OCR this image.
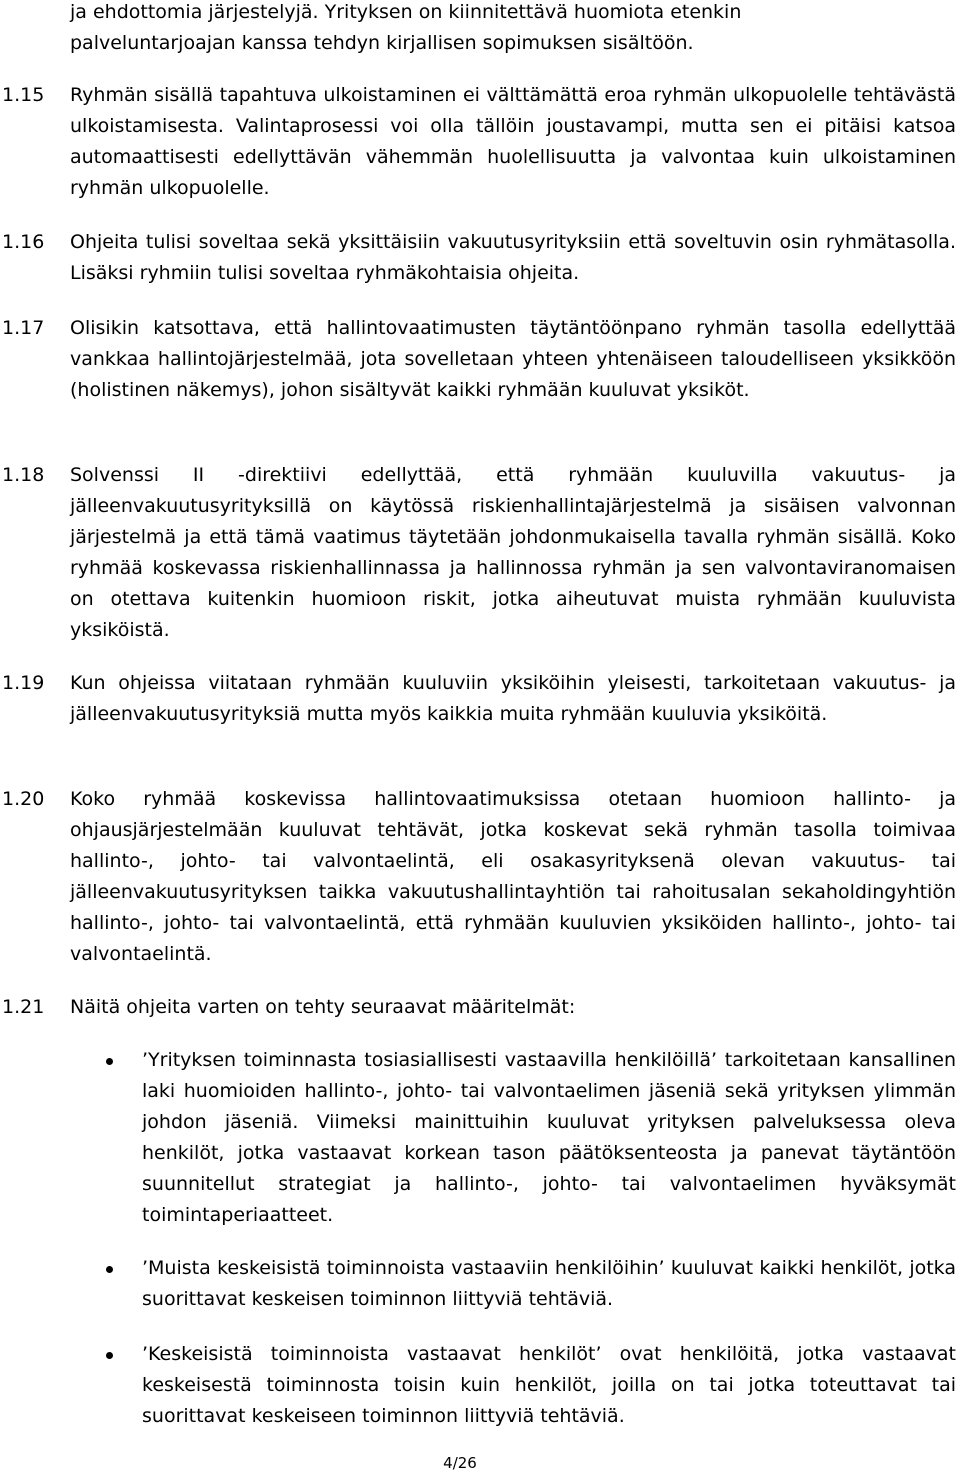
ja ehdottomia järjestelyjä. Yrityksen on kiinnitettävä huomiota etenkin

palveluntarjoajan kanssa tehdyn kirjallisen sopimuksen sisältöön.

1.15 Ryhmän sisällä tapahtuva ulkoistaminen ei välttämättä eroa ryhmän ulkopuolelle tehtävästä ulkoistamisesta. Valintaprosessi voi olla tällöin joustavampi, mutta sen ei pitäisi katsoa automaattisesti edellyttävän vähemmän huolellisuutta ja valvontaa kuin ulkoistaminen ryhmän ulkopuolelle.

1.16 Ohjeita tulisi soveltaa sekä yksittäisiin vakuutusyrityksiin että soveltuvin osin ryhmätasolla. Lisäksi ryhmiin tulisi soveltaa ryhmäkohtaisia ohjeita.

1.17 Olisikin katsottava, että hallintovaatimusten täytäntöönpano ryhmän tasolla edellyttää vankkaa hallintojärjestelmää, jota sovelletaan yhteen yhtenäiseen taloudelliseen yksikköön (holistinen näkemys), johon sisältyvät kaikki ryhmään kuuluvat yksiköt.

1.18 Solvenssi II -direktiivi edellyttää, että ryhmään kuuluvilla vakuutus- ja jälleenvakuutusyrityksillä on käytössä riskienhallintajärjestelmä ja sisäisen valvonnan järjestelmä ja että tämä vaatimus täytetään johdonmukaisella tavalla ryhmän sisällä. Koko ryhmää koskevassa riskienhallinnassa ja hallinnossa ryhmän ja sen valvontaviranomaisen on otettava kuitenkin huomioon riskit, jotka aiheutuvat muista ryhmään kuuluvista yksiköistä.

1.19 Kun ohjeissa viitataan ryhmään kuuluviin yksiköihin yleisesti, tarkoitetaan vakuutus- ja jälleenvakuutusyrityksiä mutta myös kaikkia muita ryhmään kuuluvia yksiköitä.

1.20 Koko ryhmää koskevissa hallintovaatimuksissa otetaan huomioon hallinto- ja ohjausjärjestelmään kuuluvat tehtävät, jotka koskevat sekä ryhmän tasolla toimivaa hallinto-, johto- tai valvontaelintä, eli osakasyrityksenä olevan vakuutus- tai jälleenvakuutusyrityksen taikka vakuutushallintayhtiön tai rahoitusalan sekaholdingyhtiön hallinto-, johto- tai valvontaelintä, että ryhmään kuuluvien yksiköiden hallinto-, johto- tai valvontaelintä.

1.21 Näitä ohjeita varten on tehty seuraavat määritelmät:

’Yrityksen toiminnasta tosiasiallisesti vastaavilla henkilöillä’ tarkoitetaan kansallinen laki huomioiden hallinto-, johto- tai valvontaelimen jäseniä sekä yrityksen ylimmän johdon jäseniä. Viimeksi mainittuihin kuuluvat yrityksen palveluksessa oleva henkilöt, jotka vastaavat korkean tason päätöksenteosta ja panevat täytäntöön suunnitellut strategiat ja hallinto-, johto- tai valvontaelimen hyväksymät toimintaperiaatteet.

’Muista keskeisistä toiminnoista vastaaviin henkilöihin’ kuuluvat kaikki henkilöt, jotka suorittavat keskeisen toiminnon liittyviä tehtäviä.

’Keskeisistä toiminnoista vastaavat henkilöt’ ovat henkilöitä, jotka vastaavat keskeisestä toiminnosta toisin kuin henkilöt, joilla on tai jotka toteuttavat tai suorittavat keskeiseen toiminnon liittyviä tehtäviä.

4/26
